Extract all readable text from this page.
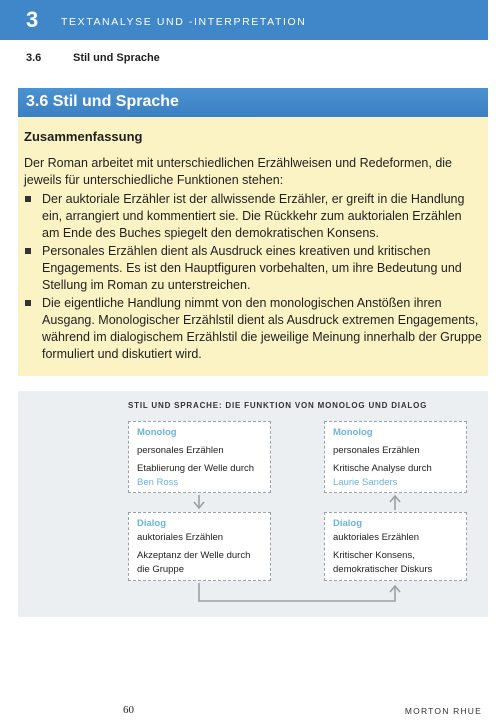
3 TEXTANALYSE UND -INTERPRETATION
3.6	Stil und Sprache
3.6 Stil und Sprache
Zusammenfassung

Der Roman arbeitet mit unterschiedlichen Erzählweisen und Redeformen, die jeweils für unterschiedliche Funktionen stehen:

Der auktoriale Erzähler ist der allwissende Erzähler, er greift in die Handlung ein, arrangiert und kommentiert sie. Die Rückkehr zum auktorialen Erzählen am Ende des Buches spiegelt den demokratischen Konsens.
Personales Erzählen dient als Ausdruck eines kreativen und kritischen Engagements. Es ist den Hauptfiguren vorbehalten, um ihre Bedeutung und Stellung im Roman zu unterstreichen.
Die eigentliche Handlung nimmt von den monologischen Anstößen ihren Ausgang. Monologischer Erzählstil dient als Ausdruck extremen Engagements, während im dialogischem Erzählstil die jeweilige Meinung innerhalb der Gruppe formuliert und diskutiert wird.
STIL UND SPRACHE: DIE FUNKTION VON MONOLOG UND DIALOG
Monolog
personales Erzählen
Etablierung der Welle durch
Ben Ross
Monolog
personales Erzählen
Kritische Analyse durch
Laurie Sanders
Dialog
auktoriales Erzählen
Akzeptanz der Welle durch
die Gruppe
Dialog
auktoriales Erzählen
Kritischer Konsens,
demokratischer Diskurs
60	MORTON RHUE
